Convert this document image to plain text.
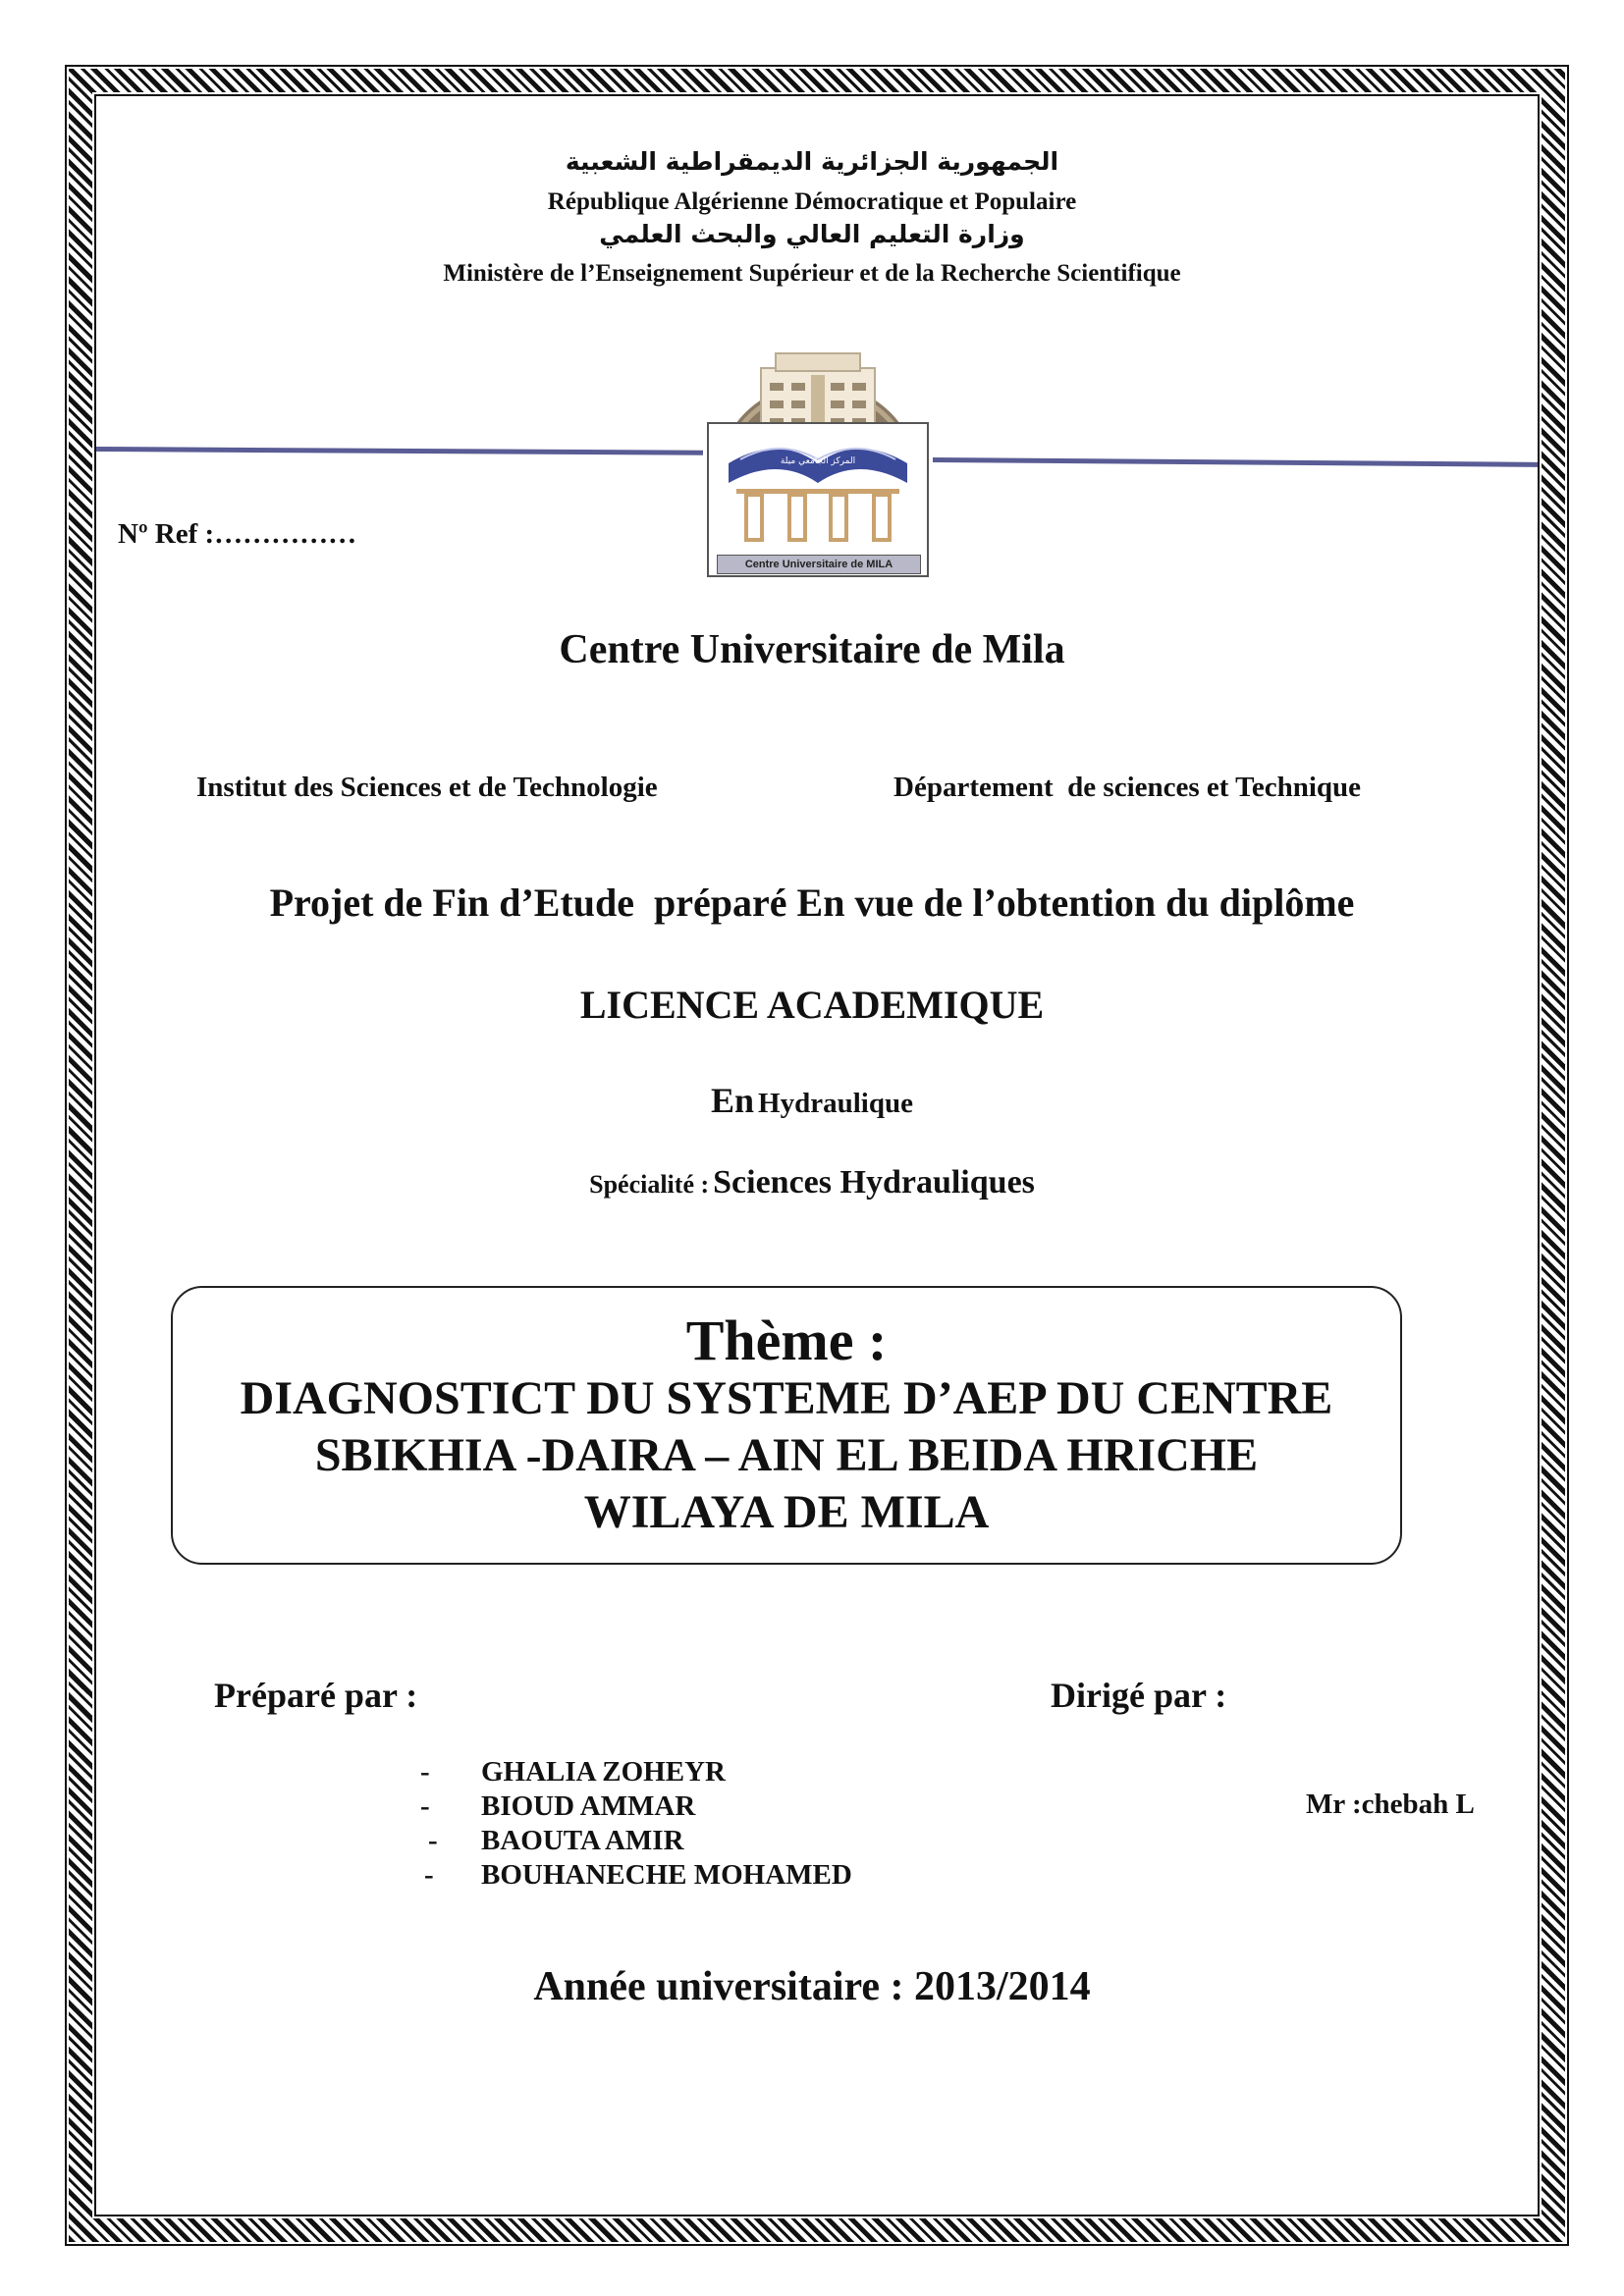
الجمهورية الجزائرية الديمقراطية الشعبية
République Algérienne Démocratique et Populaire
وزارة التعليم العالي والبحث العلمي
Ministère de l’Enseignement Supérieur et de la Recherche Scientifique
المركز الجامعي ميلة
Centre Universitaire de MILA
Nº Ref :……………
Centre Universitaire de Mila
Institut des Sciences et de Technologie	Département  de sciences et Technique
Projet de Fin d’Etude  préparé En vue de l’obtention du diplôme
LICENCE ACADEMIQUE
En Hydraulique
Spécialité : Sciences Hydrauliques
Thème :
DIAGNOSTICT DU SYSTEME D’AEP DU CENTRE
SBIKHIA -DAIRA – AIN EL BEIDA HRICHE
WILAYA DE MILA
Préparé par :	Dirigé par :
- GHALIA ZOHEYR
- BIOUD AMMAR
- BAOUTA AMIR
- BOUHANECHE MOHAMED
Mr :chebah L
Année universitaire : 2013/2014
